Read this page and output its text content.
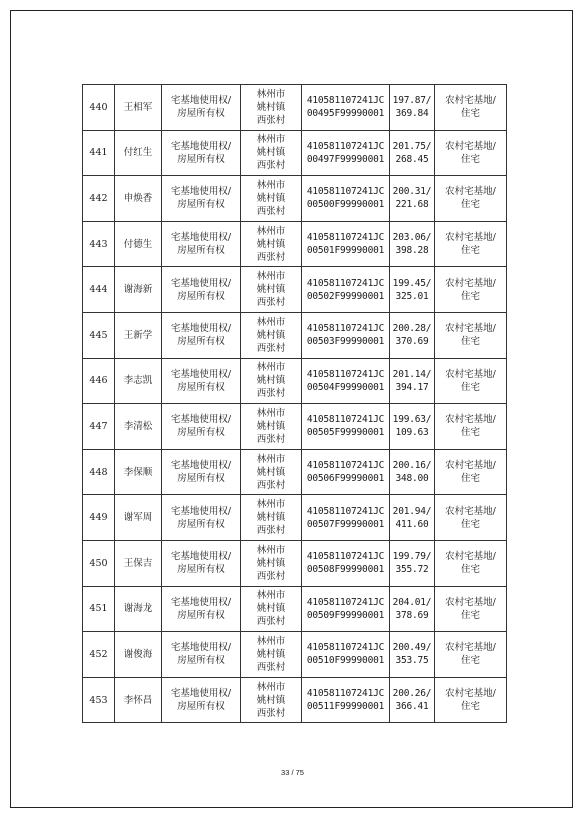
440	王相军	宅基地使用权/
房屋所有权	林州市
姚村镇
西张村	410581107241JC
00495F99990001	197.87/
369.84	农村宅基地/
住宅

441	付红生	宅基地使用权/
房屋所有权	林州市
姚村镇
西张村	410581107241JC
00497F99990001	201.75/
268.45	农村宅基地/
住宅

442	申焕香	宅基地使用权/
房屋所有权	林州市
姚村镇
西张村	410581107241JC
00500F99990001	200.31/
221.68	农村宅基地/
住宅

443	付德生	宅基地使用权/
房屋所有权	林州市
姚村镇
西张村	410581107241JC
00501F99990001	203.06/
398.28	农村宅基地/
住宅

444	谢海新	宅基地使用权/
房屋所有权	林州市
姚村镇
西张村	410581107241JC
00502F99990001	199.45/
325.01	农村宅基地/
住宅

445	王新学	宅基地使用权/
房屋所有权	林州市
姚村镇
西张村	410581107241JC
00503F99990001	200.28/
370.69	农村宅基地/
住宅

446	李志凯	宅基地使用权/
房屋所有权	林州市
姚村镇
西张村	410581107241JC
00504F99990001	201.14/
394.17	农村宅基地/
住宅

447	李清松	宅基地使用权/
房屋所有权	林州市
姚村镇
西张村	410581107241JC
00505F99990001	199.63/
109.63	农村宅基地/
住宅

448	李保顺	宅基地使用权/
房屋所有权	林州市
姚村镇
西张村	410581107241JC
00506F99990001	200.16/
348.00	农村宅基地/
住宅

449	谢军周	宅基地使用权/
房屋所有权	林州市
姚村镇
西张村	410581107241JC
00507F99990001	201.94/
411.60	农村宅基地/
住宅

450	王保吉	宅基地使用权/
房屋所有权	林州市
姚村镇
西张村	410581107241JC
00508F99990001	199.79/
355.72	农村宅基地/
住宅

451	谢海龙	宅基地使用权/
房屋所有权	林州市
姚村镇
西张村	410581107241JC
00509F99990001	204.01/
378.69	农村宅基地/
住宅

452	谢俊海	宅基地使用权/
房屋所有权	林州市
姚村镇
西张村	410581107241JC
00510F99990001	200.49/
353.75	农村宅基地/
住宅

453	李怀昌	宅基地使用权/
房屋所有权	林州市
姚村镇
西张村	410581107241JC
00511F99990001	200.26/
366.41	农村宅基地/
住宅
33 / 75
